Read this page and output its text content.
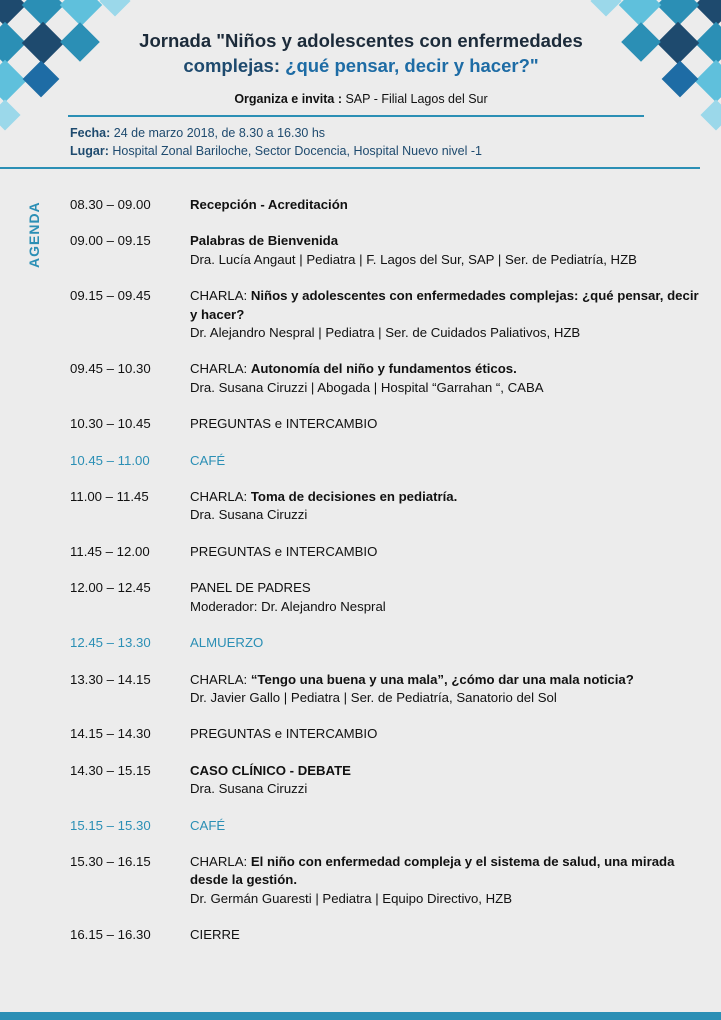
Jornada "Niños y adolescentes con enfermedades
complejas: ¿qué pensar, decir y hacer?"
Organiza e invita : SAP - Filial Lagos del Sur
Fecha: 24 de marzo 2018, de 8.30 a 16.30 hs
Lugar: Hospital Zonal Bariloche, Sector Docencia, Hospital Nuevo nivel -1
AGENDA 08.30 – 09.00	Recepción - Acreditación
09.00 – 09.15	Palabras de Bienvenida
Dra. Lucía Angaut | Pediatra | F. Lagos del Sur, SAP | Ser. de Pediatría, HZB
09.15 – 09.45	CHARLA: Niños y adolescentes con enfermedades complejas: ¿qué pensar, decir y hacer?
Dr. Alejandro Nespral | Pediatra | Ser. de Cuidados Paliativos, HZB
09.45 – 10.30	CHARLA: Autonomía del niño y fundamentos éticos.
Dra. Susana Ciruzzi | Abogada | Hospital “Garrahan “, CABA
10.30 – 10.45	PREGUNTAS e INTERCAMBIO
10.45 – 11.00	CAFÉ
11.00 – 11.45	CHARLA: Toma de decisiones en pediatría.
Dra. Susana Ciruzzi
11.45 – 12.00	PREGUNTAS e INTERCAMBIO
12.00 – 12.45	PANEL DE PADRES
Moderador: Dr. Alejandro Nespral
12.45 – 13.30	ALMUERZO
13.30 – 14.15	CHARLA: “Tengo una buena y una mala”, ¿cómo dar una mala noticia?
Dr. Javier Gallo | Pediatra | Ser. de Pediatría, Sanatorio del Sol
14.15 – 14.30	PREGUNTAS e INTERCAMBIO
14.30 – 15.15	CASO CLÍNICO - DEBATE
Dra. Susana Ciruzzi
15.15 – 15.30	CAFÉ
15.30 – 16.15	CHARLA: El niño con enfermedad compleja y el sistema de salud, una mirada desde la gestión.
Dr. Germán Guaresti | Pediatra | Equipo Directivo, HZB
16.15 – 16.30	CIERRE
